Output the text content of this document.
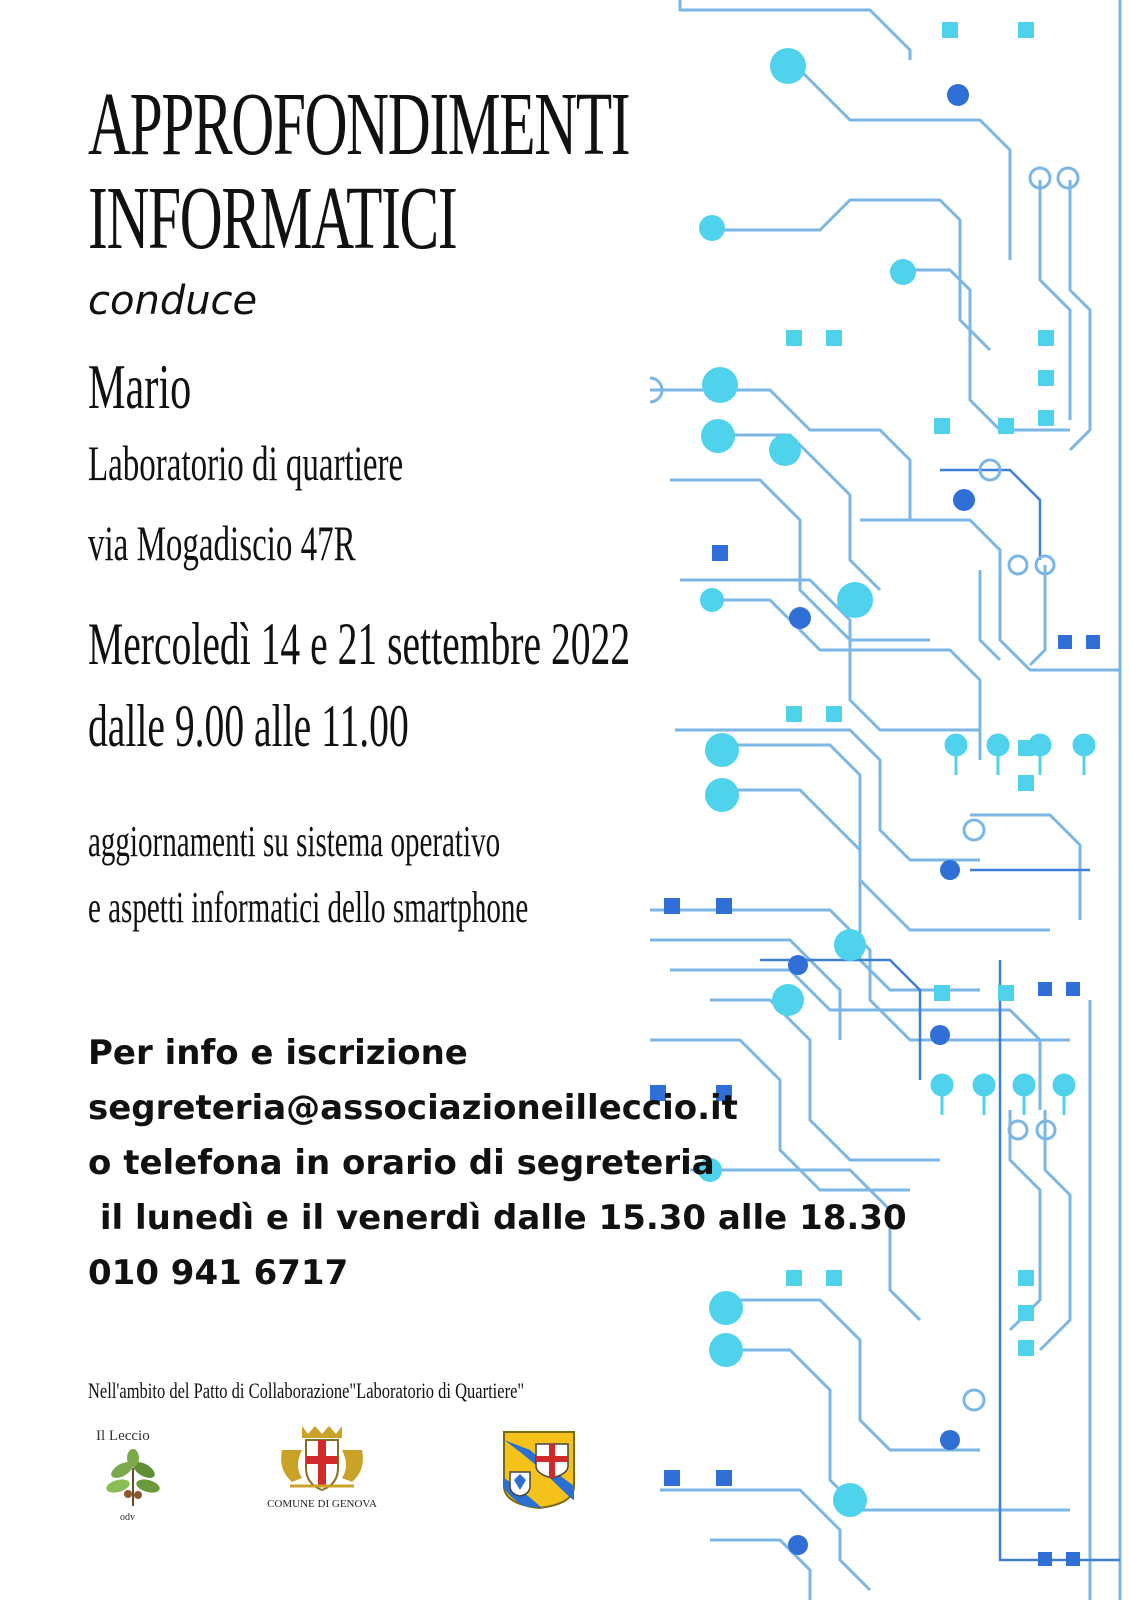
APPROFONDIMENTI
INFORMATICI

conduce

Mario

Laboratorio di quartiere

via Mogadiscio 47R

Mercoledì 14 e 21 settembre 2022

dalle 9.00 alle 11.00

aggiornamenti su sistema operativo

e aspetti informatici dello smartphone

Per info e iscrizione
segreteria@associazioneilleccio.it
o telefona in orario di segreteria
il lunedì e il venerdì dalle 15.30 alle 18.30
010 941 6717

Nell'ambito del Patto di Collaborazione"Laboratorio di Quartiere"

Il Leccio
odv
COMUNE DI GENOVA
